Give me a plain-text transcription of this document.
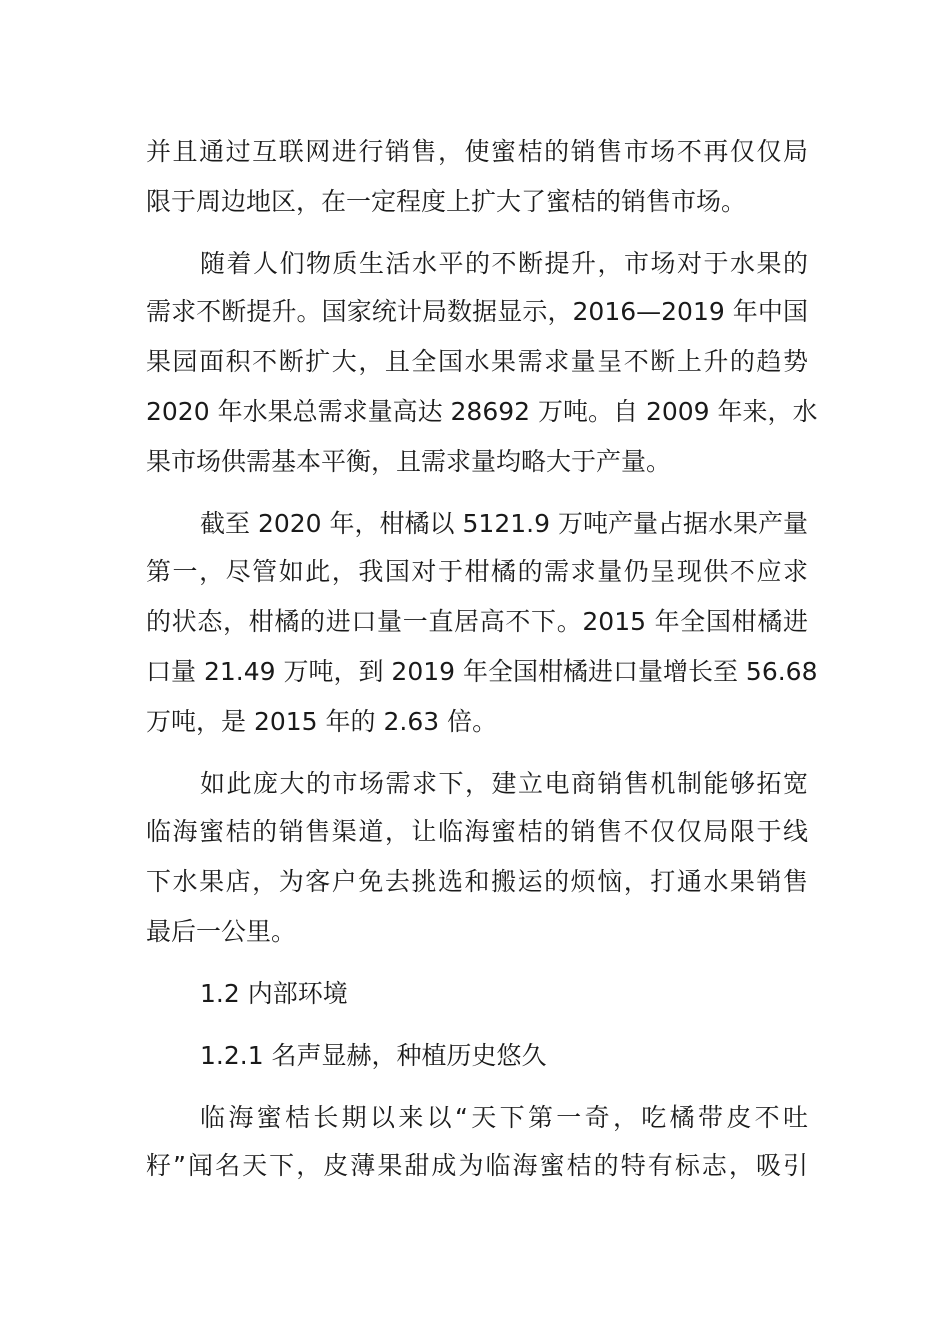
并且通过互联网进行销售，使蜜桔的销售市场不再仅仅局
限于周边地区，在一定程度上扩大了蜜桔的销售市场。
随着人们物质生活水平的不断提升，市场对于水果的
需求不断提升。国家统计局数据显示，2016—2019 年中国
果园面积不断扩大，且全国水果需求量呈不断上升的趋势
2020 年水果总需求量高达 28692 万吨。自 2009 年来，水
果市场供需基本平衡，且需求量均略大于产量。
截至 2020 年，柑橘以 5121.9 万吨产量占据水果产量
第一，尽管如此，我国对于柑橘的需求量仍呈现供不应求
的状态，柑橘的进口量一直居高不下。2015 年全国柑橘进
口量 21.49 万吨，到 2019 年全国柑橘进口量增长至 56.68
万吨，是 2015 年的 2.63 倍。
如此庞大的市场需求下，建立电商销售机制能够拓宽
临海蜜桔的销售渠道，让临海蜜桔的销售不仅仅局限于线
下水果店，为客户免去挑选和搬运的烦恼，打通水果销售
最后一公里。
1.2 内部环境
1.2.1 名声显赫，种植历史悠久
临海蜜桔长期以来以“天下第一奇，吃橘带皮不吐
籽”闻名天下，皮薄果甜成为临海蜜桔的特有标志，吸引
